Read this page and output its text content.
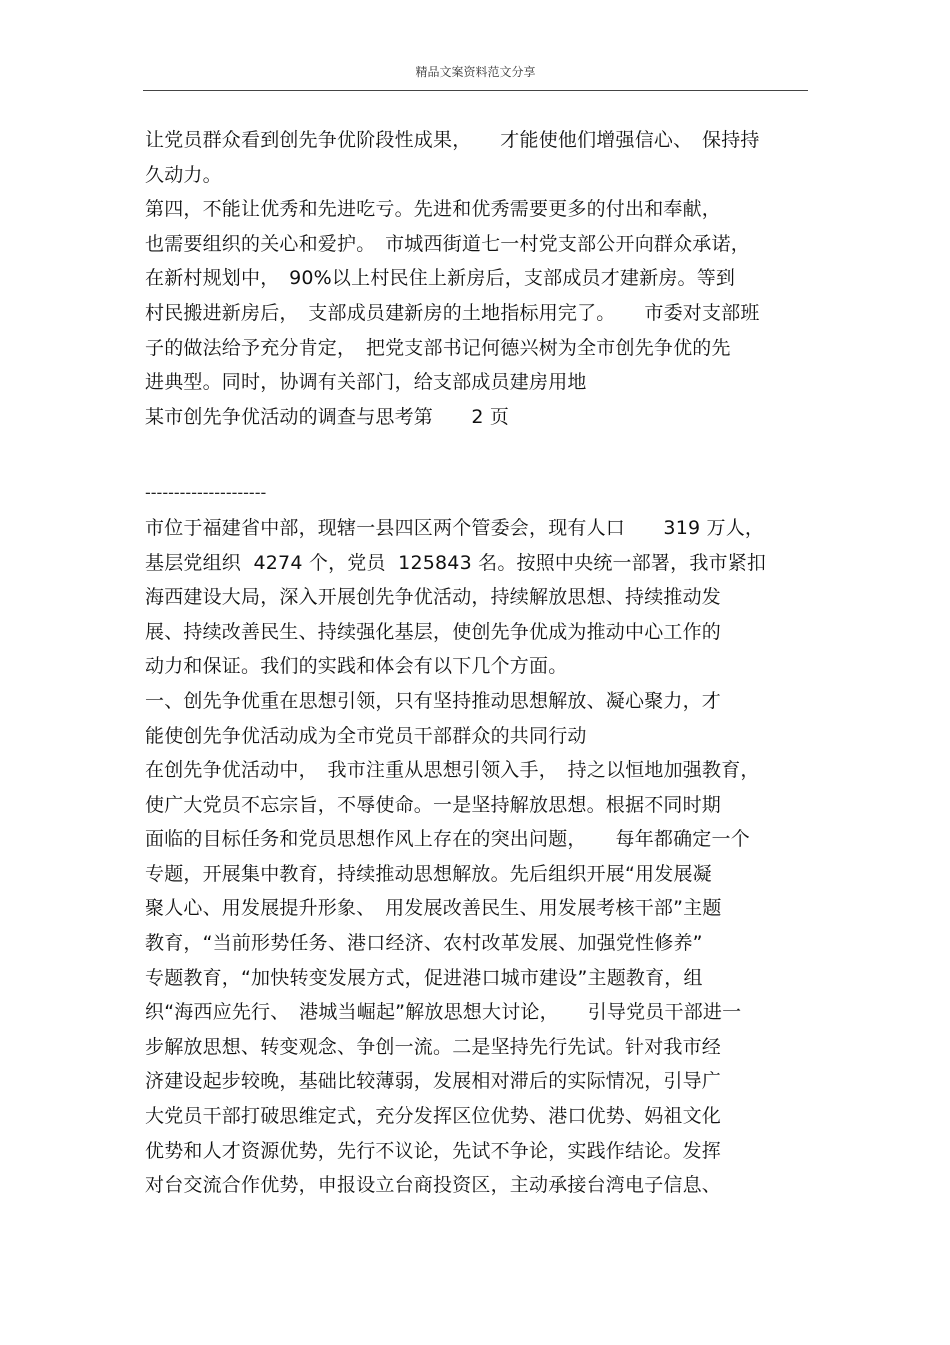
精品文案资料范文分享
让党员群众看到创先争优阶段性成果，　　才能使他们增强信心、　保持持
久动力。
第四，不能让优秀和先进吃亏。先进和优秀需要更多的付出和奉献，
也需要组织的关心和爱护。　市城西街道七一村党支部公开向群众承诺，
在新村规划中，　90%以上村民住上新房后，支部成员才建新房。等到
村民搬进新房后，　支部成员建新房的土地指标用完了。　　市委对支部班
子的做法给予充分肯定，　把党支部书记何德兴树为全市创先争优的先
进典型。同时，协调有关部门，给支部成员建房用地
某市创先争优活动的调查与思考第　　2 页
---------------------
市位于福建省中部，现辖一县四区两个管委会，现有人口　　319 万人，
基层党组织  4274 个，党员  125843 名。按照中央统一部署，我市紧扣
海西建设大局，深入开展创先争优活动，持续解放思想、持续推动发
展、持续改善民生、持续强化基层，使创先争优成为推动中心工作的
动力和保证。我们的实践和体会有以下几个方面。
一、创先争优重在思想引领，只有坚持推动思想解放、凝心聚力，才
能使创先争优活动成为全市党员干部群众的共同行动
在创先争优活动中，　我市注重从思想引领入手，　持之以恒地加强教育，
使广大党员不忘宗旨，不辱使命。一是坚持解放思想。根据不同时期
面临的目标任务和党员思想作风上存在的突出问题，　　每年都确定一个
专题，开展集中教育，持续推动思想解放。先后组织开展“用发展凝
聚人心、用发展提升形象、　用发展改善民生、用发展考核干部”主题
教育，“当前形势任务、港口经济、农村改革发展、加强党性修养”
专题教育，“加快转变发展方式，促进港口城市建设”主题教育，组
织“海西应先行、　港城当崛起”解放思想大讨论，　　引导党员干部进一
步解放思想、转变观念、争创一流。二是坚持先行先试。针对我市经
济建设起步较晚，基础比较薄弱，发展相对滞后的实际情况，引导广
大党员干部打破思维定式，充分发挥区位优势、港口优势、妈祖文化
优势和人才资源优势，先行不议论，先试不争论，实践作结论。发挥
对台交流合作优势，申报设立台商投资区，主动承接台湾电子信息、
